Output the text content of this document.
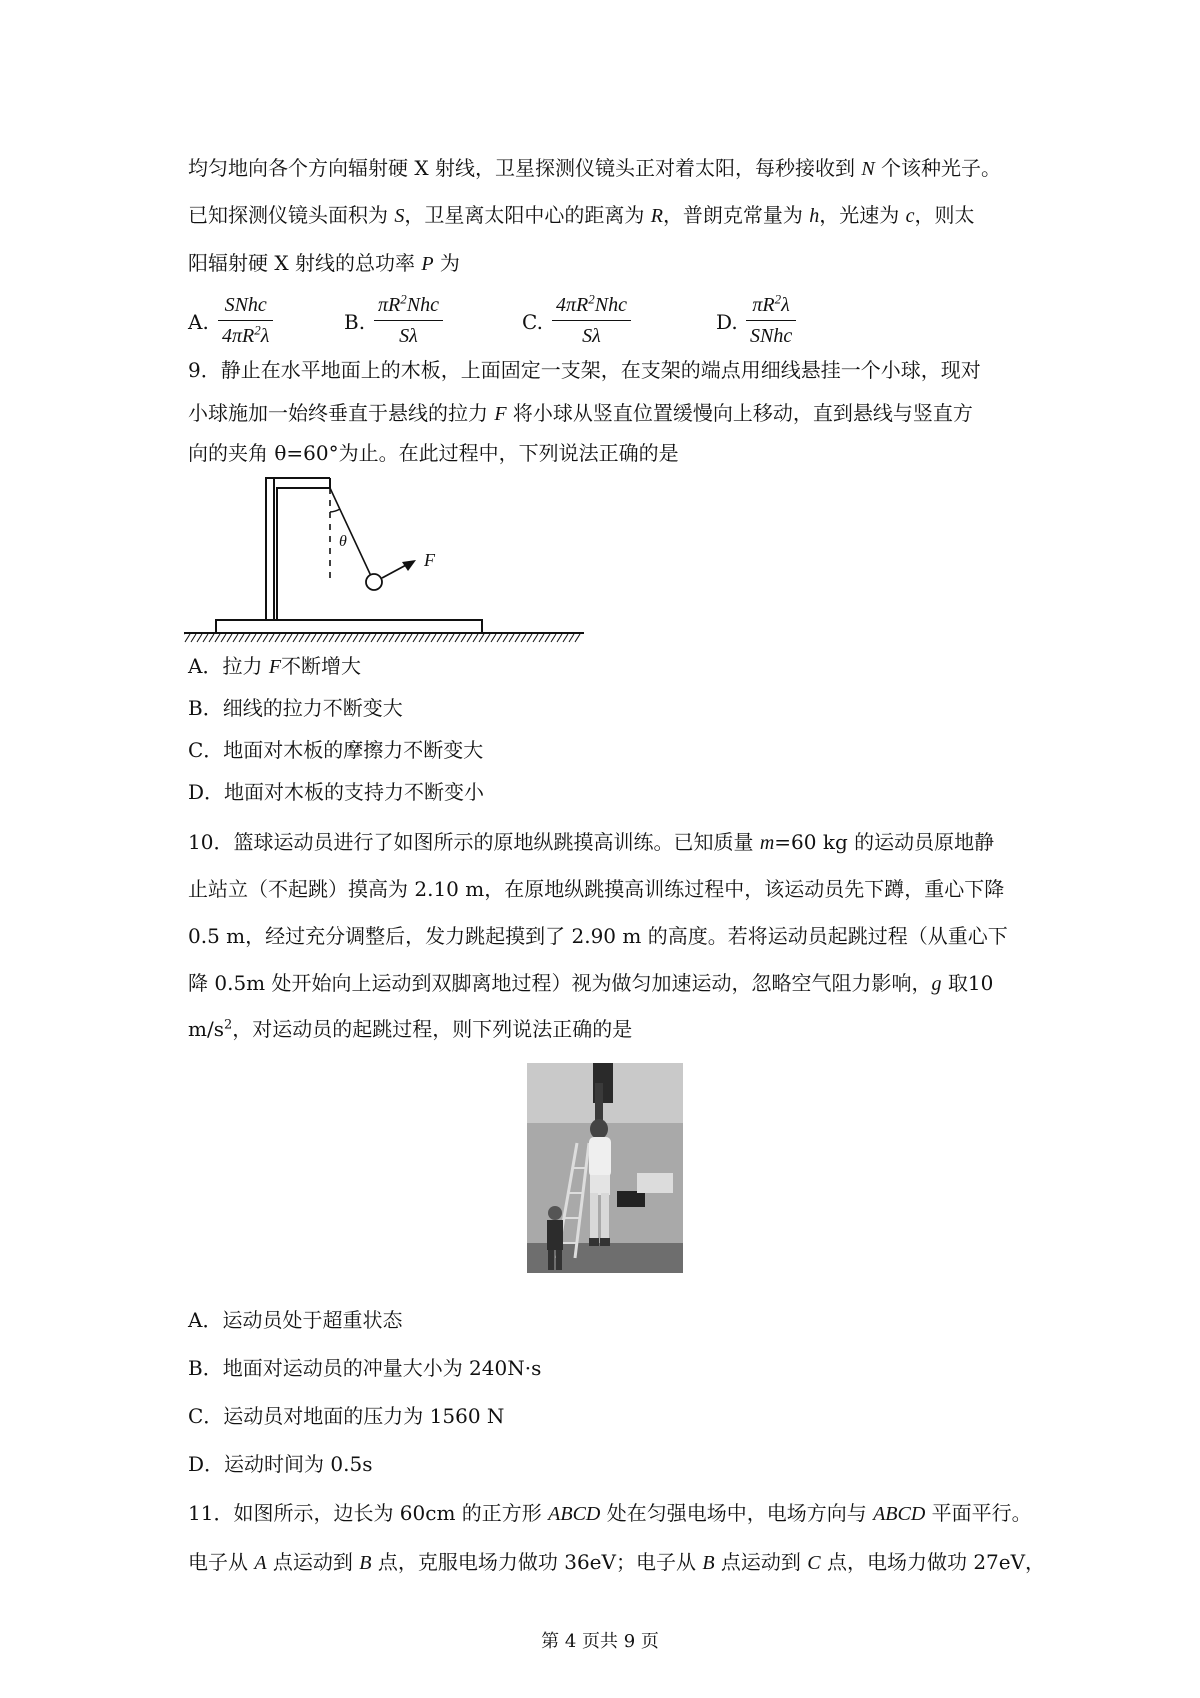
均匀地向各个方向辐射硬 X 射线，卫星探测仪镜头正对着太阳，每秒接收到 N 个该种光子。
已知探测仪镜头面积为 S，卫星离太阳中心的距离为 R，普朗克常量为 h，光速为 c，则太
阳辐射硬 X 射线的总功率 P 为
A.
SNhc
$4\pi R^2\lambda$
B.
$\pi R^2Nhc$
Sλ
C.
$4\pi R^2Nhc$
Sλ
D.
$\pi R^2\lambda$
SNhc
9．静止在水平地面上的木板，上面固定一支架，在支架的端点用细线悬挂一个小球，现对
小球施加一始终垂直于悬线的拉力 F 将小球从竖直位置缓慢向上移动，直到悬线与竖直方
向的夹角 θ=60°为止。在此过程中，下列说法正确的是
θ
F
A．拉力 F不断增大
B．细线的拉力不断变大
C．地面对木板的摩擦力不断变大
D．地面对木板的支持力不断变小
10．篮球运动员进行了如图所示的原地纵跳摸高训练。已知质量 m=60 kg 的运动员原地静
止站立（不起跳）摸高为 2.10 m，在原地纵跳摸高训练过程中，该运动员先下蹲，重心下降
0.5 m，经过充分调整后，发力跳起摸到了 2.90 m 的高度。若将运动员起跳过程（从重心下
降 0.5m 处开始向上运动到双脚离地过程）视为做匀加速运动，忽略空气阻力影响，g 取10
$m/s^2$，对运动员的起跳过程，则下列说法正确的是
A．运动员处于超重状态
B．地面对运动员的冲量大小为 240N·s
C．运动员对地面的压力为 1560 N
D．运动时间为 0.5s
11．如图所示，边长为 60cm 的正方形 ABCD 处在匀强电场中，电场方向与 ABCD 平面平行。
电子从 A 点运动到 B 点，克服电场力做功 36eV；电子从 B 点运动到 C 点，电场力做功 27eV，
第 4 页共 9 页
